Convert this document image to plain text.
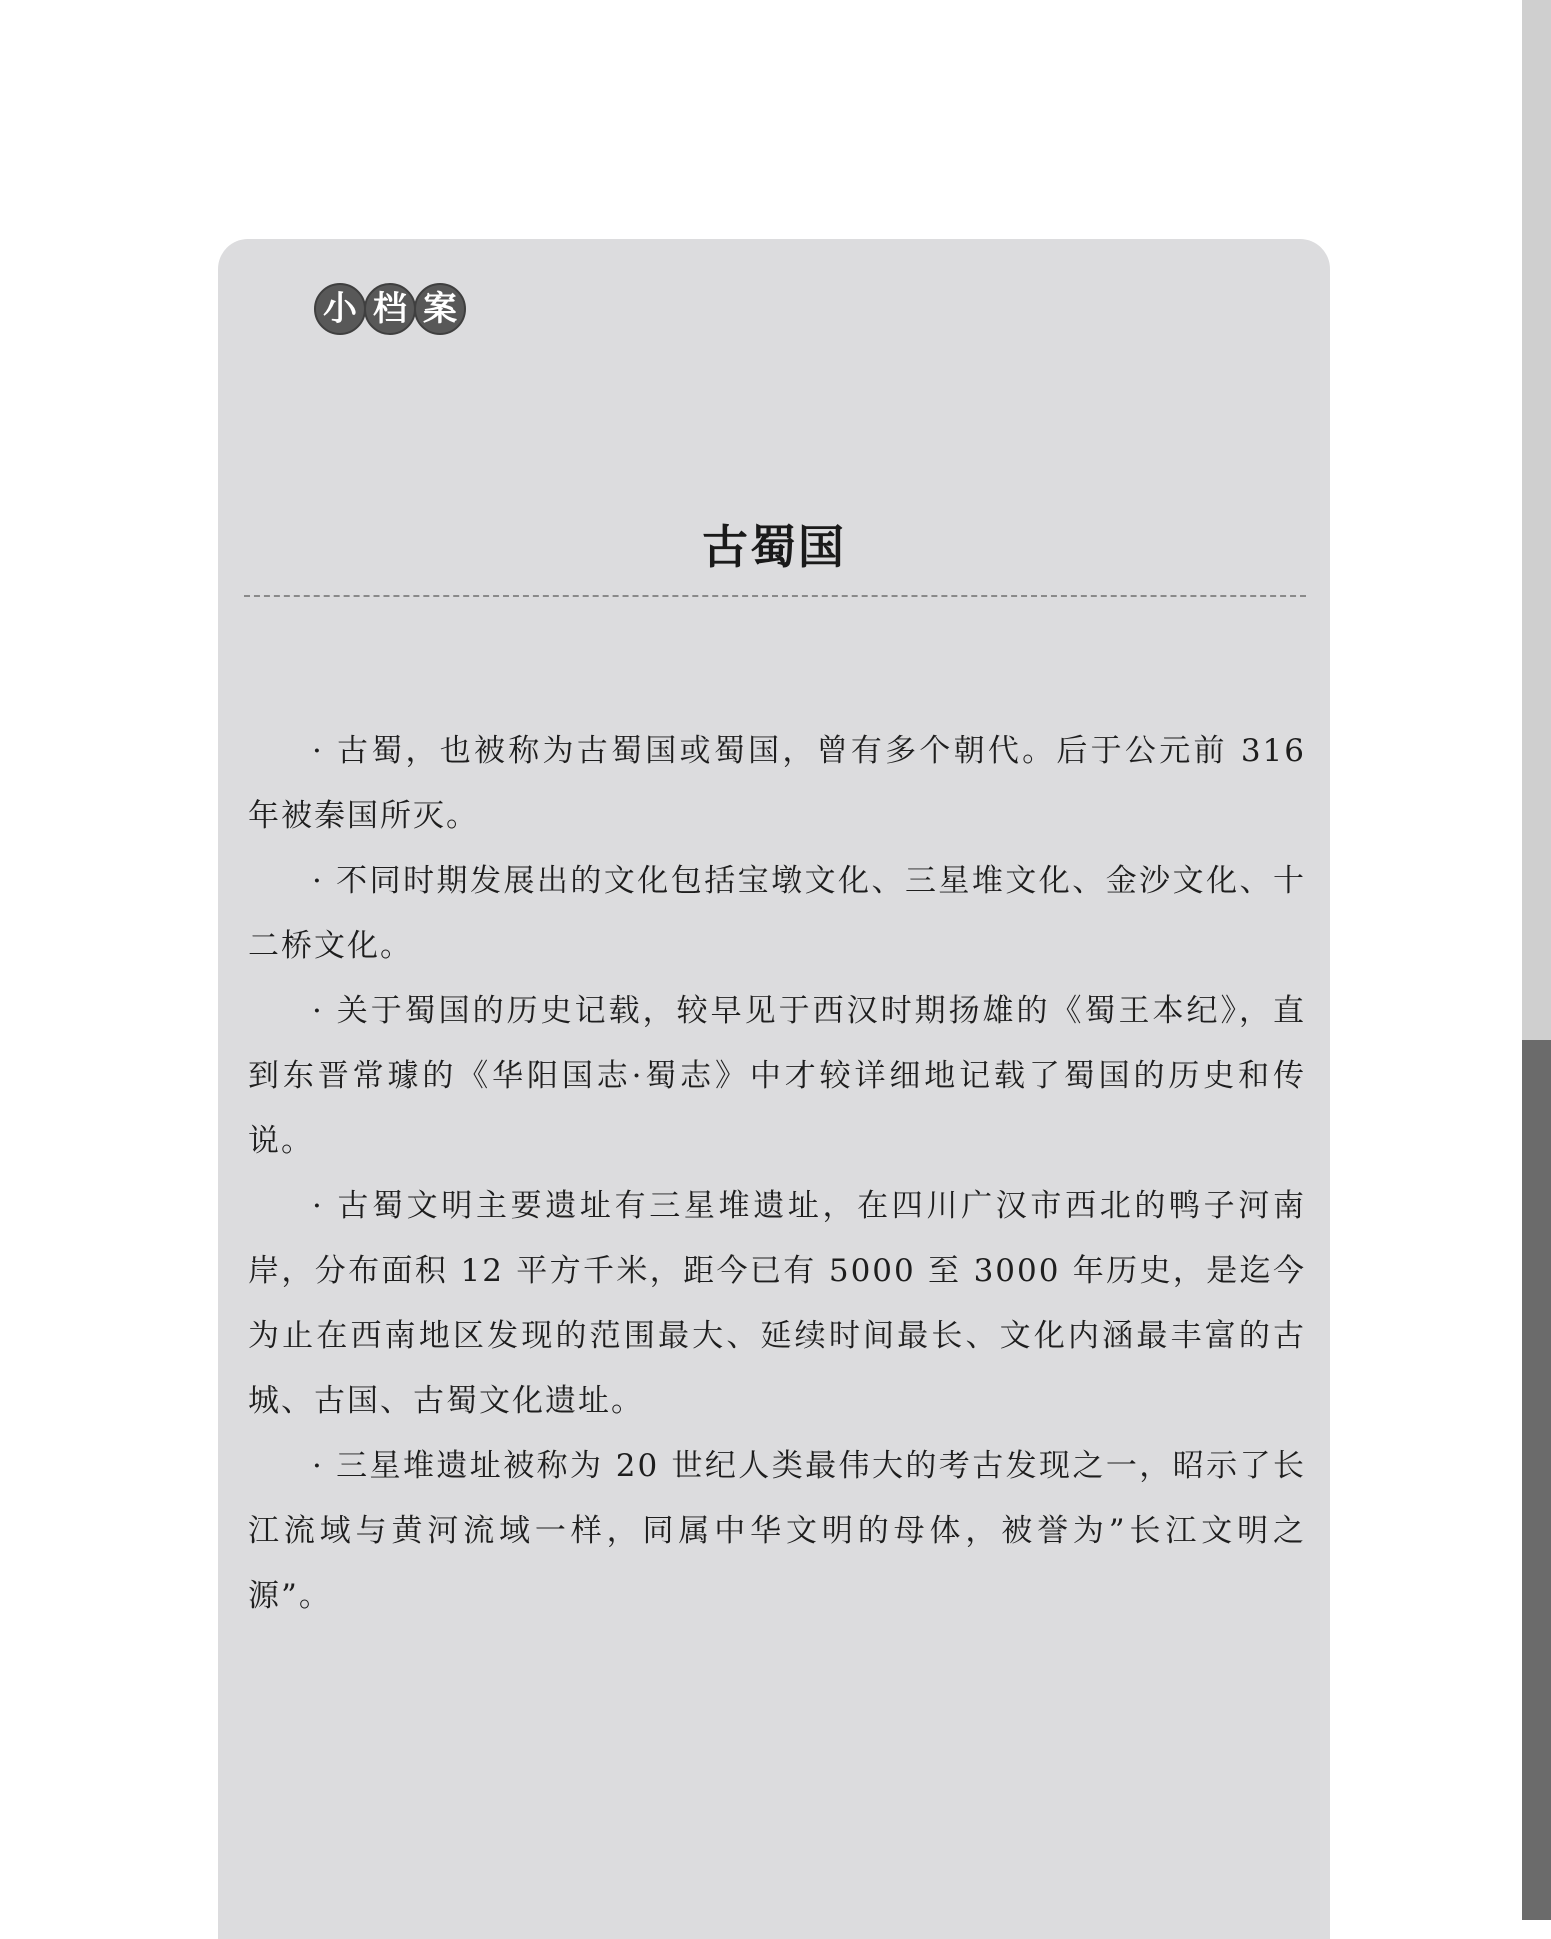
小 档 案
古蜀国

· 古蜀，也被称为古蜀国或蜀国，曾有多个朝代。后于公元前 316 年被秦国所灭。

· 不同时期发展出的文化包括宝墩文化、三星堆文化、金沙文化、十二桥文化。

· 关于蜀国的历史记载，较早见于西汉时期扬雄的《蜀王本纪》，直到东晋常璩的《华阳国志·蜀志》中才较详细地记载了蜀国的历史和传说。

· 古蜀文明主要遗址有三星堆遗址，在四川广汉市西北的鸭子河南岸，分布面积 12 平方千米，距今已有 5000 至 3000 年历史，是迄今为止在西南地区发现的范围最大、延续时间最长、文化内涵最丰富的古城、古国、古蜀文化遗址。

· 三星堆遗址被称为 20 世纪人类最伟大的考古发现之一，昭示了长江流域与黄河流域一样，同属中华文明的母体，被誉为”长江文明之源”。
